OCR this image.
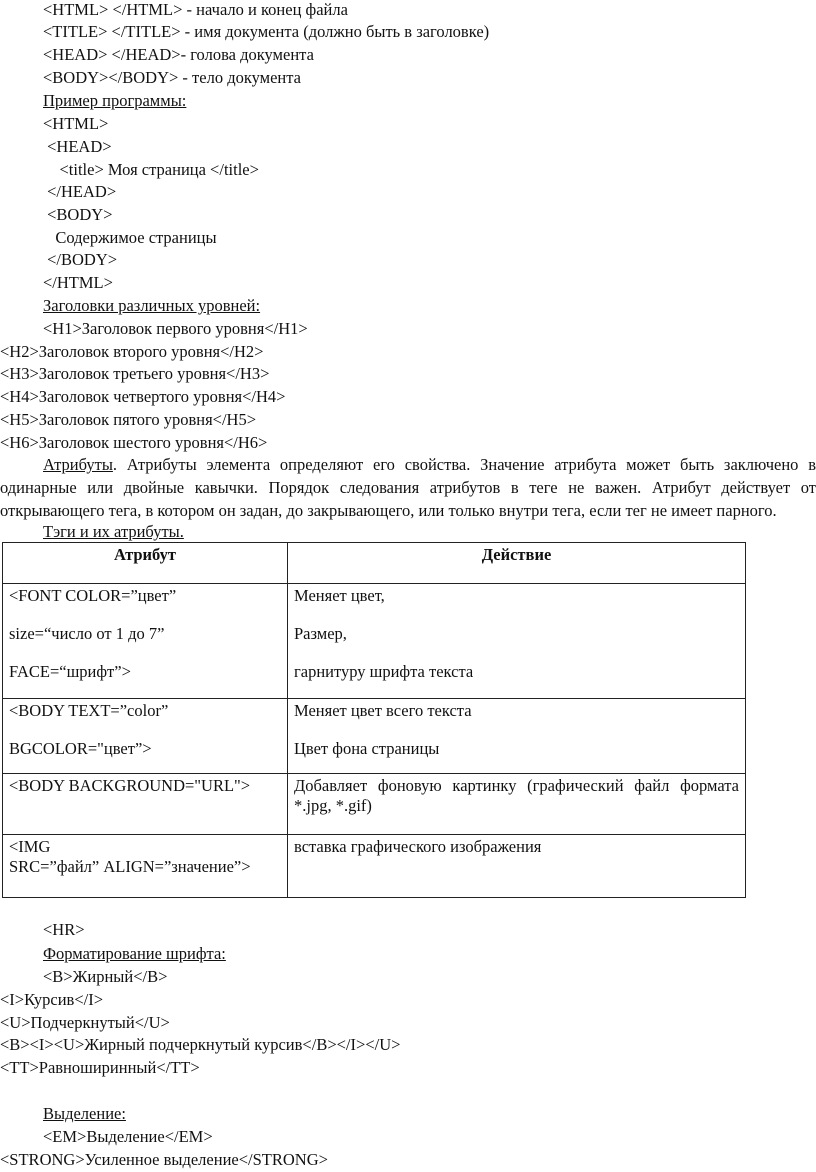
<HTML> </HTML> - начало и конец файла
<TITLE> </TITLE> - имя документа (должно быть в заголовке)
<HEAD> </HEAD>- голова документа
<BODY></BODY> - тело документа
Пример программы:
<HTML>
<HEAD>
<title> Моя страница </title>
</HEAD>
<BODY>
Содержимое страницы
</BODY>
</HTML>
Заголовки различных уровней:
<H1>Заголовок первого уровня</H1>
<H2>Заголовок второго уровня</H2>
<H3>Заголовок третьего уровня</H3>
<H4>Заголовок четвертого уровня</H4>
<H5>Заголовок пятого уровня</H5>
<H6>Заголовок шестого уровня</H6>
Атрибуты. Атрибуты элемента определяют его свойства. Значение атрибута может быть заключено в
одинарные или двойные кавычки. Порядок следования атрибутов в теге не важен. Атрибут действует от
открывающего тега, в котором он задан, до закрывающего, или только внутри тега, если тег не имеет парного.
Тэги и их атрибуты.
Атрибут	Действие

<FONT COLOR=”цвет”
size=“число от 1 до 7”
FACE=“шрифт”>	Меняет цвет,
Размер,
гарнитуру шрифта текста

<BODY TEXT=”color”
BGCOLOR="цвет”>	Меняет цвет всего текста
Цвет фона страницы

<BODY BACKGROUND="URL">	Добавляет фоновую картинку (графический файл формата
*.jpg, *.gif)

<IMG
SRC=”файл” ALIGN=”значение”>	вставка графического изображения
<HR>
Форматирование шрифта:
<B>Жирный</B>
<I>Курсив</I>
<U>Подчеркнутый</U>
<B><I><U>Жирный подчеркнутый курсив</B></I></U>
<TT>Равноширинный</TT>
Выделение:
<EM>Выделение</EM>
<STRONG>Усиленное выделение</STRONG>
